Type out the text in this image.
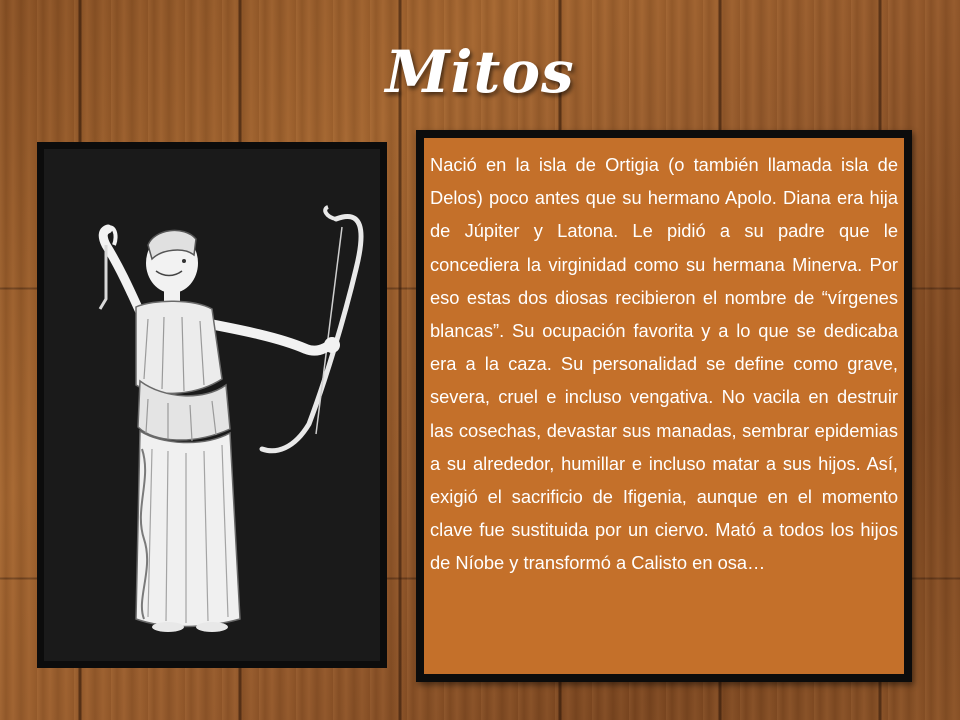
Mitos

Nació en la isla de Ortigia (o también llamada isla de Delos) poco antes que su hermano Apolo. Diana era hija de Júpiter y Latona. Le pidió a su padre que le concediera la virginidad como su hermana Minerva. Por eso estas dos diosas recibieron el nombre de “vírgenes blancas”. Su ocupación favorita y a lo que se dedicaba era a la caza. Su personalidad se define como grave, severa, cruel e incluso vengativa. No vacila en destruir las cosechas, devastar sus manadas, sembrar epidemias a su alrededor, humillar e incluso matar a sus hijos. Así, exigió el sacrificio de Ifigenia, aunque en el momento clave fue sustituida por un ciervo. Mató a todos los hijos de Níobe y transformó a Calisto en osa…
